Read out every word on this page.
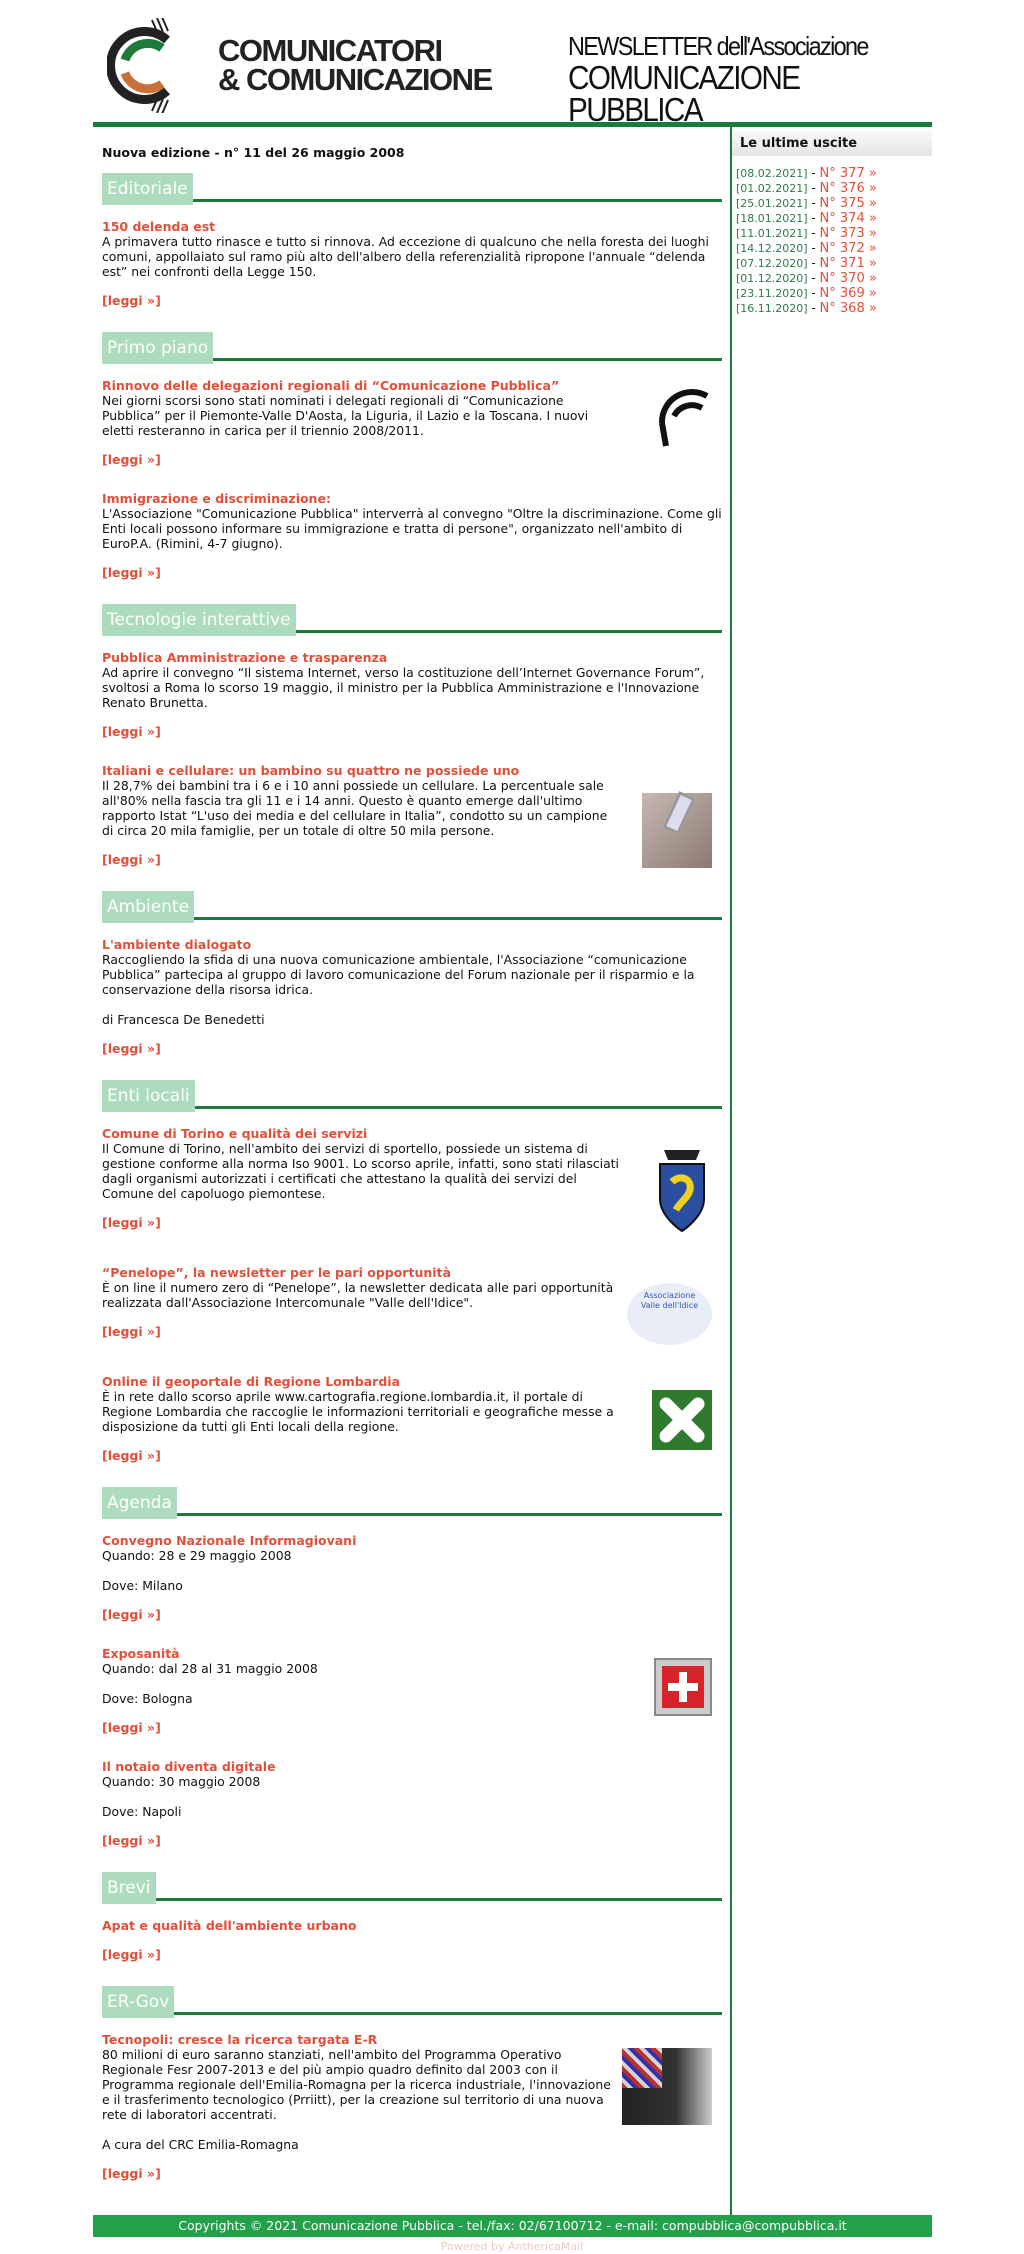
COMUNICATORI
& COMUNICAZIONE
NEWSLETTER dell'Associazione
COMUNICAZIONE PUBBLICA
Nuova edizione - n° 11 del 26 maggio 2008
Editoriale
150 delenda est

A primavera tutto rinasce e tutto si rinnova. Ad eccezione di qualcuno che nella foresta dei luoghi comuni, appollaiato sul ramo più alto dell'albero della referenzialità ripropone l'annuale “delenda est” nei confronti della Legge 150.

[leggi »]
Primo piano
Rinnovo delle delegazioni regionali di “Comunicazione Pubblica”

Nei giorni scorsi sono stati nominati i delegati regionali di “Comunicazione Pubblica” per il Piemonte-Valle D'Aosta, la Liguria, il Lazio e la Toscana. I nuovi eletti resteranno in carica per il triennio 2008/2011.

[leggi »]
Immigrazione e discriminazione:

L'Associazione "Comunicazione Pubblica" interverrà al convegno "Oltre la discriminazione. Come gli Enti locali possono informare su immigrazione e tratta di persone", organizzato nell'ambito di EuroP.A. (Rimini, 4-7 giugno).

[leggi »]
Tecnologie interattive
Pubblica Amministrazione e trasparenza

Ad aprire il convegno “Il sistema Internet, verso la costituzione dell’Internet Governance Forum”, svoltosi a Roma lo scorso 19 maggio, il ministro per la Pubblica Amministrazione e l'Innovazione Renato Brunetta.

[leggi »]
Italiani e cellulare: un bambino su quattro ne possiede uno

Il 28,7% dei bambini tra i 6 e i 10 anni possiede un cellulare. La percentuale sale all'80% nella fascia tra gli 11 e i 14 anni. Questo è quanto emerge dall'ultimo rapporto Istat “L'uso dei media e del cellulare in Italia”, condotto su un campione di circa 20 mila famiglie, per un totale di oltre 50 mila persone.

[leggi »]
Ambiente
L'ambiente dialogato

Raccogliendo la sfida di una nuova comunicazione ambientale, l'Associazione “comunicazione Pubblica” partecipa al gruppo di lavoro comunicazione del Forum nazionale per il risparmio e la conservazione della risorsa idrica.

di Francesca De Benedetti

[leggi »]
Enti locali
Comune di Torino e qualità dei servizi

Il Comune di Torino, nell'ambito dei servizi di sportello, possiede un sistema di gestione conforme alla norma Iso 9001. Lo scorso aprile, infatti, sono stati rilasciati dagli organismi autorizzati i certificati che attestano la qualità dei servizi del Comune del capoluogo piemontese.

[leggi »]
“Penelope”, la newsletter per le pari opportunità

È on line il numero zero di “Penelope”, la newsletter dedicata alle pari opportunità realizzata dall'Associazione Intercomunale "Valle dell'Idice".

[leggi »]
Associazione Valle dell'Idice
Online il geoportale di Regione Lombardia

È in rete dallo scorso aprile www.cartografia.regione.lombardia.it, il portale di Regione Lombardia che raccoglie le informazioni territoriali e geografiche messe a disposizione da tutti gli Enti locali della regione.

[leggi »]
Agenda
Convegno Nazionale Informagiovani

Quando: 28 e 29 maggio 2008

Dove: Milano

[leggi »]
Exposanità

Quando: dal 28 al 31 maggio 2008

Dove: Bologna

[leggi »]
Il notaio diventa digitale

Quando: 30 maggio 2008

Dove: Napoli

[leggi »]
Brevi
Apat e qualità dell'ambiente urbano
[leggi »]
ER-Gov
Tecnopoli: cresce la ricerca targata E-R

80 milioni di euro saranno stanziati, nell'ambito del Programma Operativo Regionale Fesr 2007-2013 e del più ampio quadro definito dal 2003 con il Programma regionale dell'Emilia-Romagna per la ricerca industriale, l'innovazione e il trasferimento tecnologico (Prriitt), per la creazione sul territorio di una nuova rete di laboratori accentrati.

A cura del CRC Emilia-Romagna

[leggi »]
Le ultime uscite
[08.02.2021] - N° 377 »
[01.02.2021] - N° 376 »
[25.01.2021] - N° 375 »
[18.01.2021] - N° 374 »
[11.01.2021] - N° 373 »
[14.12.2020] - N° 372 »
[07.12.2020] - N° 371 »
[01.12.2020] - N° 370 »
[23.11.2020] - N° 369 »
[16.11.2020] - N° 368 »
Copyrights © 2021 Comunicazione Pubblica - tel./fax: 02/67100712 - e-mail: compubblica@compubblica.it
Powered by AnthericaMail
